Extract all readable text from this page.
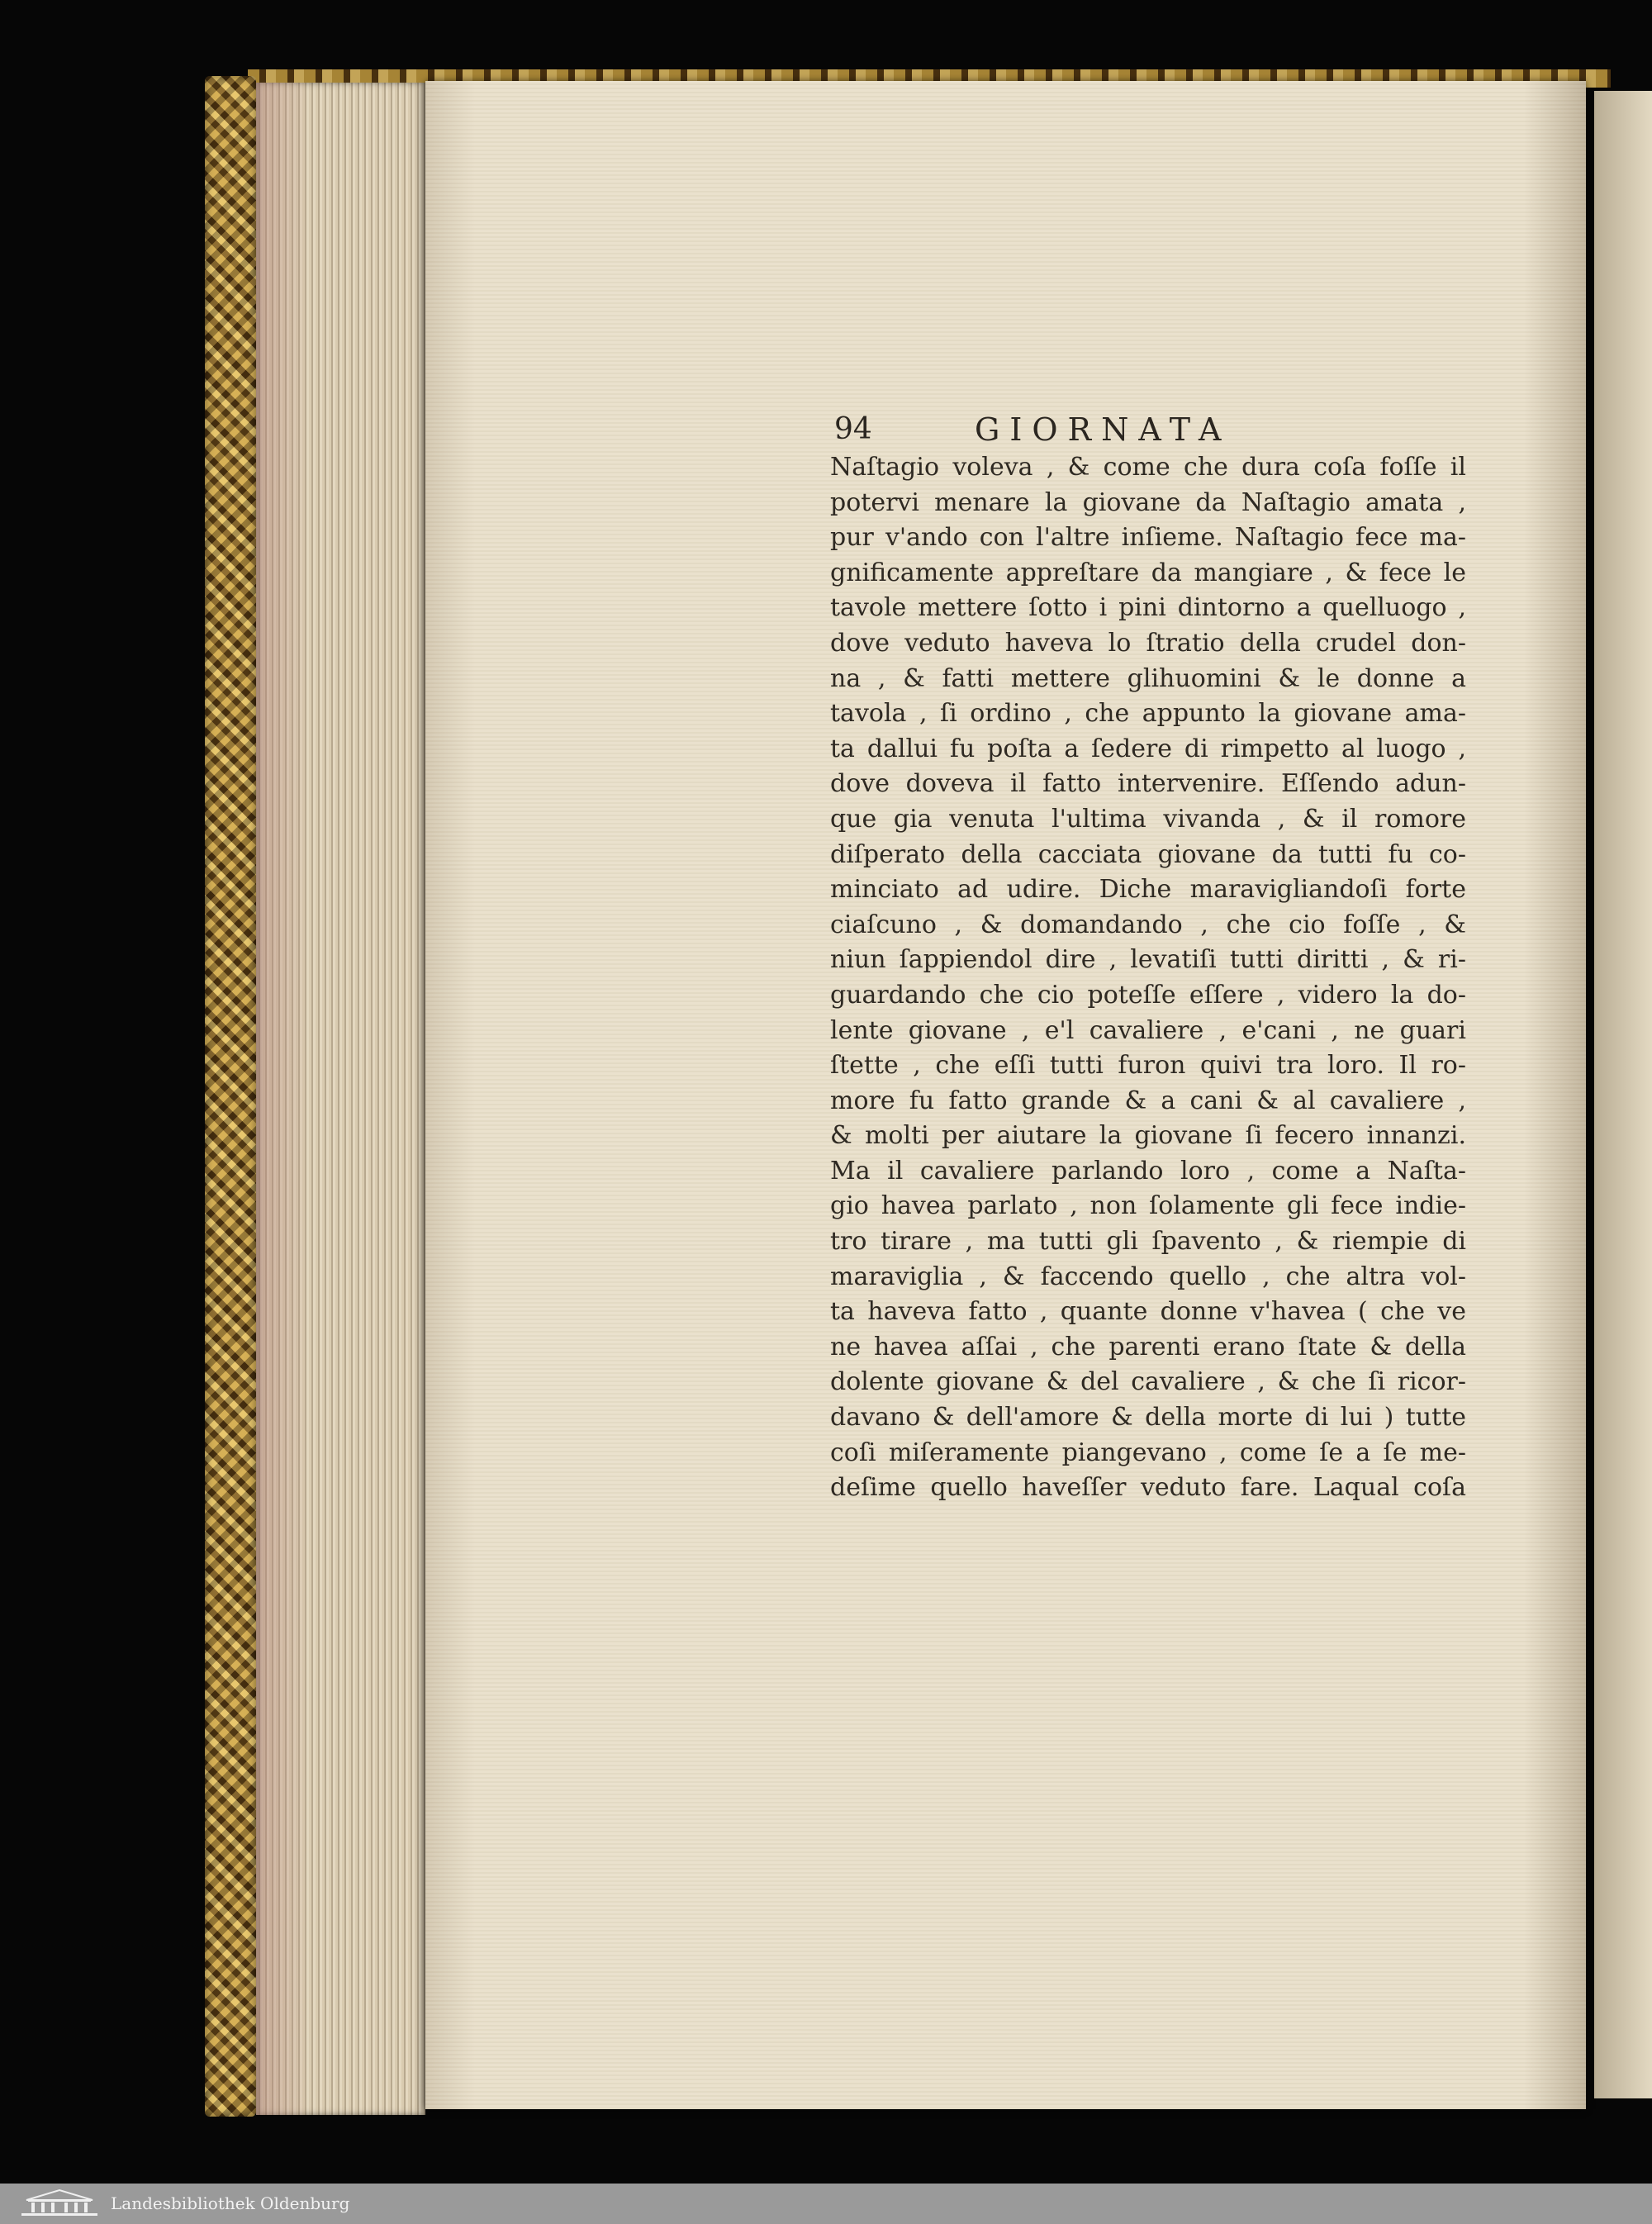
94	GIORNATA
Naſtagio voleva , & come che dura coſa foſſe il
potervi menare la giovane da Naſtagio amata ,
pur v'ando con l'altre inſieme. Naſtagio fece ma-
gnificamente appreſtare da mangiare , & fece le
tavole mettere ſotto i pini dintorno a quelluogo ,
dove veduto haveva lo ſtratio della crudel don-
na , & fatti mettere glihuomini & le donne a
tavola , ſi ordino , che appunto la giovane ama-
ta dallui fu poſta a ſedere di rimpetto al luogo ,
dove doveva il fatto intervenire. Eſſendo adun-
que gia venuta l'ultima vivanda , & il romore
diſperato della cacciata giovane da tutti fu co-
minciato ad udire. Diche maravigliandoſi forte
ciaſcuno , & domandando , che cio foſſe , &
niun ſappiendol dire , levatiſi tutti diritti , & ri-
guardando che cio poteſſe eſſere , videro la do-
lente giovane , e'l cavaliere , e'cani , ne guari
ſtette , che eſſi tutti furon quivi tra loro. Il ro-
more fu fatto grande & a cani & al cavaliere ,
& molti per aiutare la giovane ſi fecero innanzi.
Ma il cavaliere parlando loro , come a Naſta-
gio havea parlato , non ſolamente gli fece indie-
tro tirare , ma tutti gli ſpavento , & riempie di
maraviglia , & faccendo quello , che altra vol-
ta haveva fatto , quante donne v'havea ( che ve
ne havea aſſai , che parenti erano ſtate & della
dolente giovane & del cavaliere , & che ſi ricor-
davano & dell'amore & della morte di lui ) tutte
coſi miſeramente piangevano , come ſe a ſe me-
deſime quello haveſſer veduto fare. Laqual coſa
Landesbibliothek Oldenburg
